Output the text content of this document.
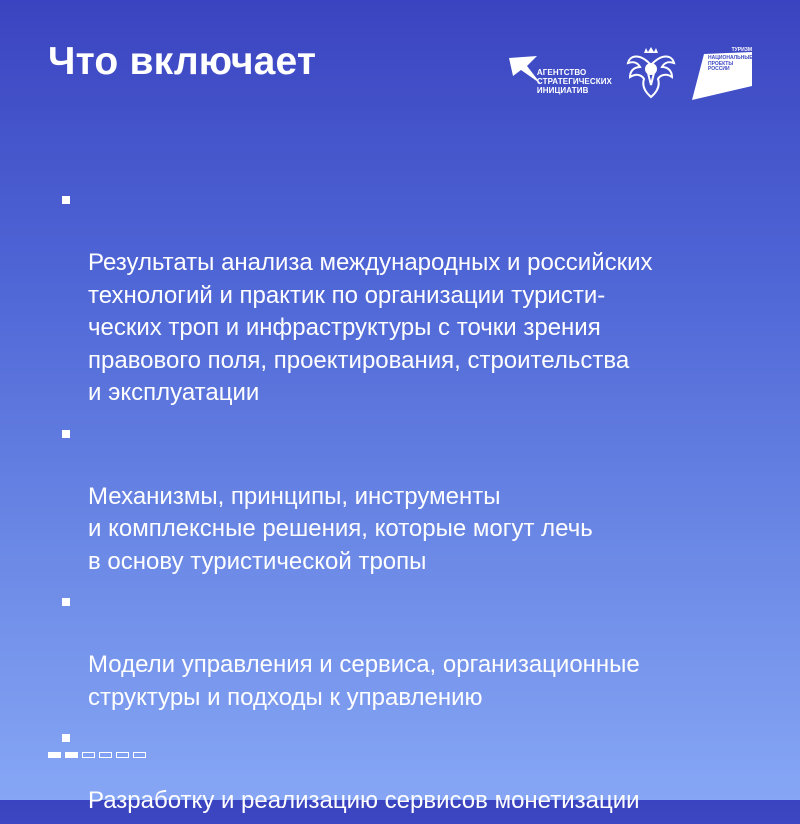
Что включает	АГЕНТСТВО
СТРАТЕГИЧЕСКИХ
ИНИЦИАТИВ
ТУРИЗМ
НАЦИОНАЛЬНЫЕ ПРОЕКТЫ РОССИИ

Результаты анализа международных и российских
технологий и практик по организации туристи-
ческих троп и инфраструктуры с точки зрения
правового поля, проектирования, строительства
и эксплуатации

Механизмы, принципы, инструменты
и комплексные решения, которые могут лечь
в основу туристической тропы

Модели управления и сервиса, организационные
структуры и подходы к управлению

Разработку и реализацию сервисов монетизации
